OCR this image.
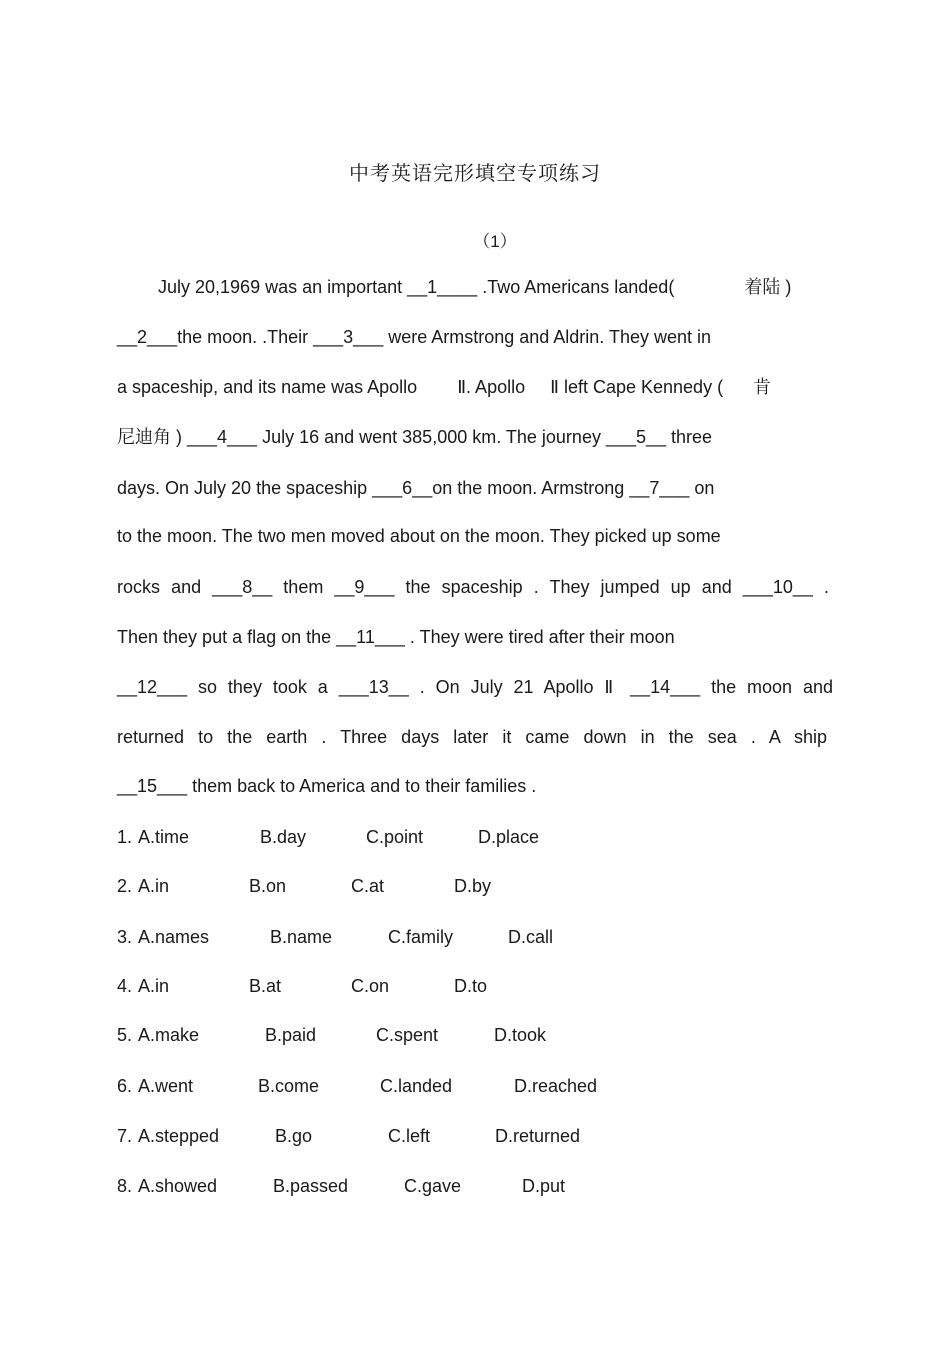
中考英语完形填空专项练习
（1）
July 20,1969 was an important __1____ .Two Americans landed(              着陆 )
__2___the moon. .Their ___3___ were Armstrong and Aldrin. They went in
a spaceship, and its name was Apollo        Ⅱ. Apollo     Ⅱ left Cape Kennedy (      肯
尼迪角 ) ___4___ July 16 and went 385,000 km. The journey ___5__ three
days. On July 20 the spaceship ___6__on the moon. Armstrong __7___ on
to the moon. The two men moved about on the moon. They picked up some
rocks and ___8__ them __9___ the spaceship . They jumped up and ___10__ .
Then they put a flag on the __11___ . They were tired after their moon
__12___ so they took a ___13__ . On July 21 Apollo Ⅱ __14___ the moon and
returned to the earth . Three days later it came down in the sea . A ship
__15___ them back to America and to their families .
1. A.time	B.day	C.point	D.place
2. A.in	B.on	C.at	D.by
3. A.names	B.name	C.family	D.call
4. A.in	B.at	C.on	D.to
5. A.make	B.paid	C.spent	D.took
6. A.went	B.come	C.landed	D.reached
7. A.stepped	B.go	C.left	D.returned
8. A.showed	B.passed	C.gave	D.put
